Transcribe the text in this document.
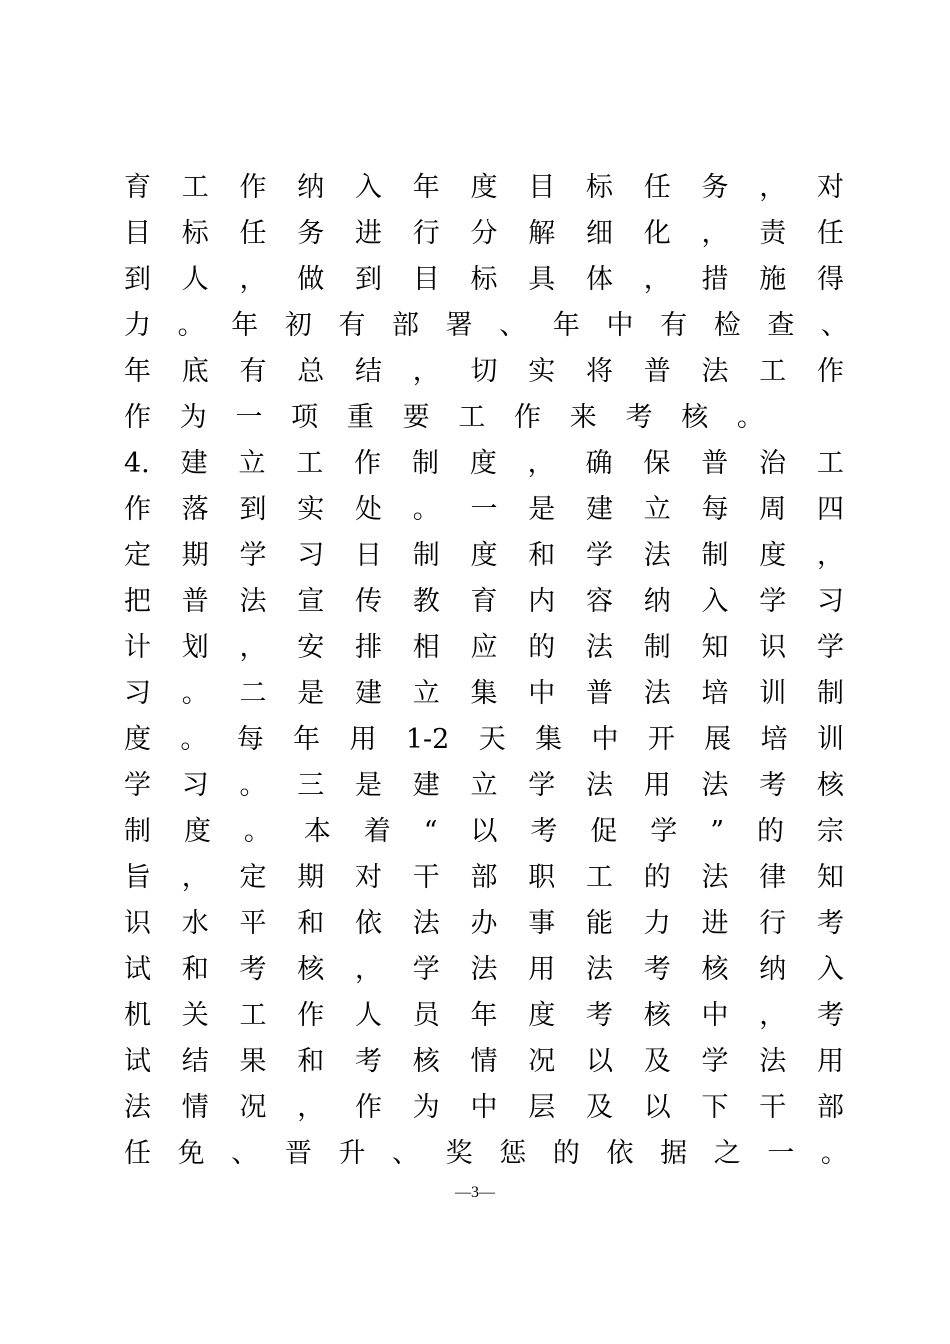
育 工 作 纳 入 年 度 目 标 任 务 ， 对
目 标 任 务 进 行 分 解 细 化 ， 责 任
到 人 ， 做 到 目 标 具 体 ， 措 施 得
力 。 年 初 有 部 署 、 年 中 有 检 查 、
年 底 有 总 结 ， 切 实 将 普 法 工 作
作 为 一 项 重 要 工 作 来 考 核 。
4. 建 立 工 作 制 度 ， 确 保 普 治 工
作 落 到 实 处 。 一 是 建 立 每 周 四
定 期 学 习 日 制 度 和 学 法 制 度 ，
把 普 法 宣 传 教 育 内 容 纳 入 学 习
计 划 ， 安 排 相 应 的 法 制 知 识 学
习 。 二 是 建 立 集 中 普 法 培 训 制
度 。 每 年 用 1-2 天 集 中 开 展 培 训
学 习 。 三 是 建 立 学 法 用 法 考 核
制 度 。 本 着 “ 以 考 促 学 ” 的 宗
旨 ， 定 期 对 干 部 职 工 的 法 律 知
识 水 平 和 依 法 办 事 能 力 进 行 考
试 和 考 核 ， 学 法 用 法 考 核 纳 入
机 关 工 作 人 员 年 度 考 核 中 ， 考
试 结 果 和 考 核 情 况 以 及 学 法 用
法 情 况 ， 作 为 中 层 及 以 下 干 部
任 免 、 晋 升 、 奖 惩 的 依 据 之 一 。
—3—
